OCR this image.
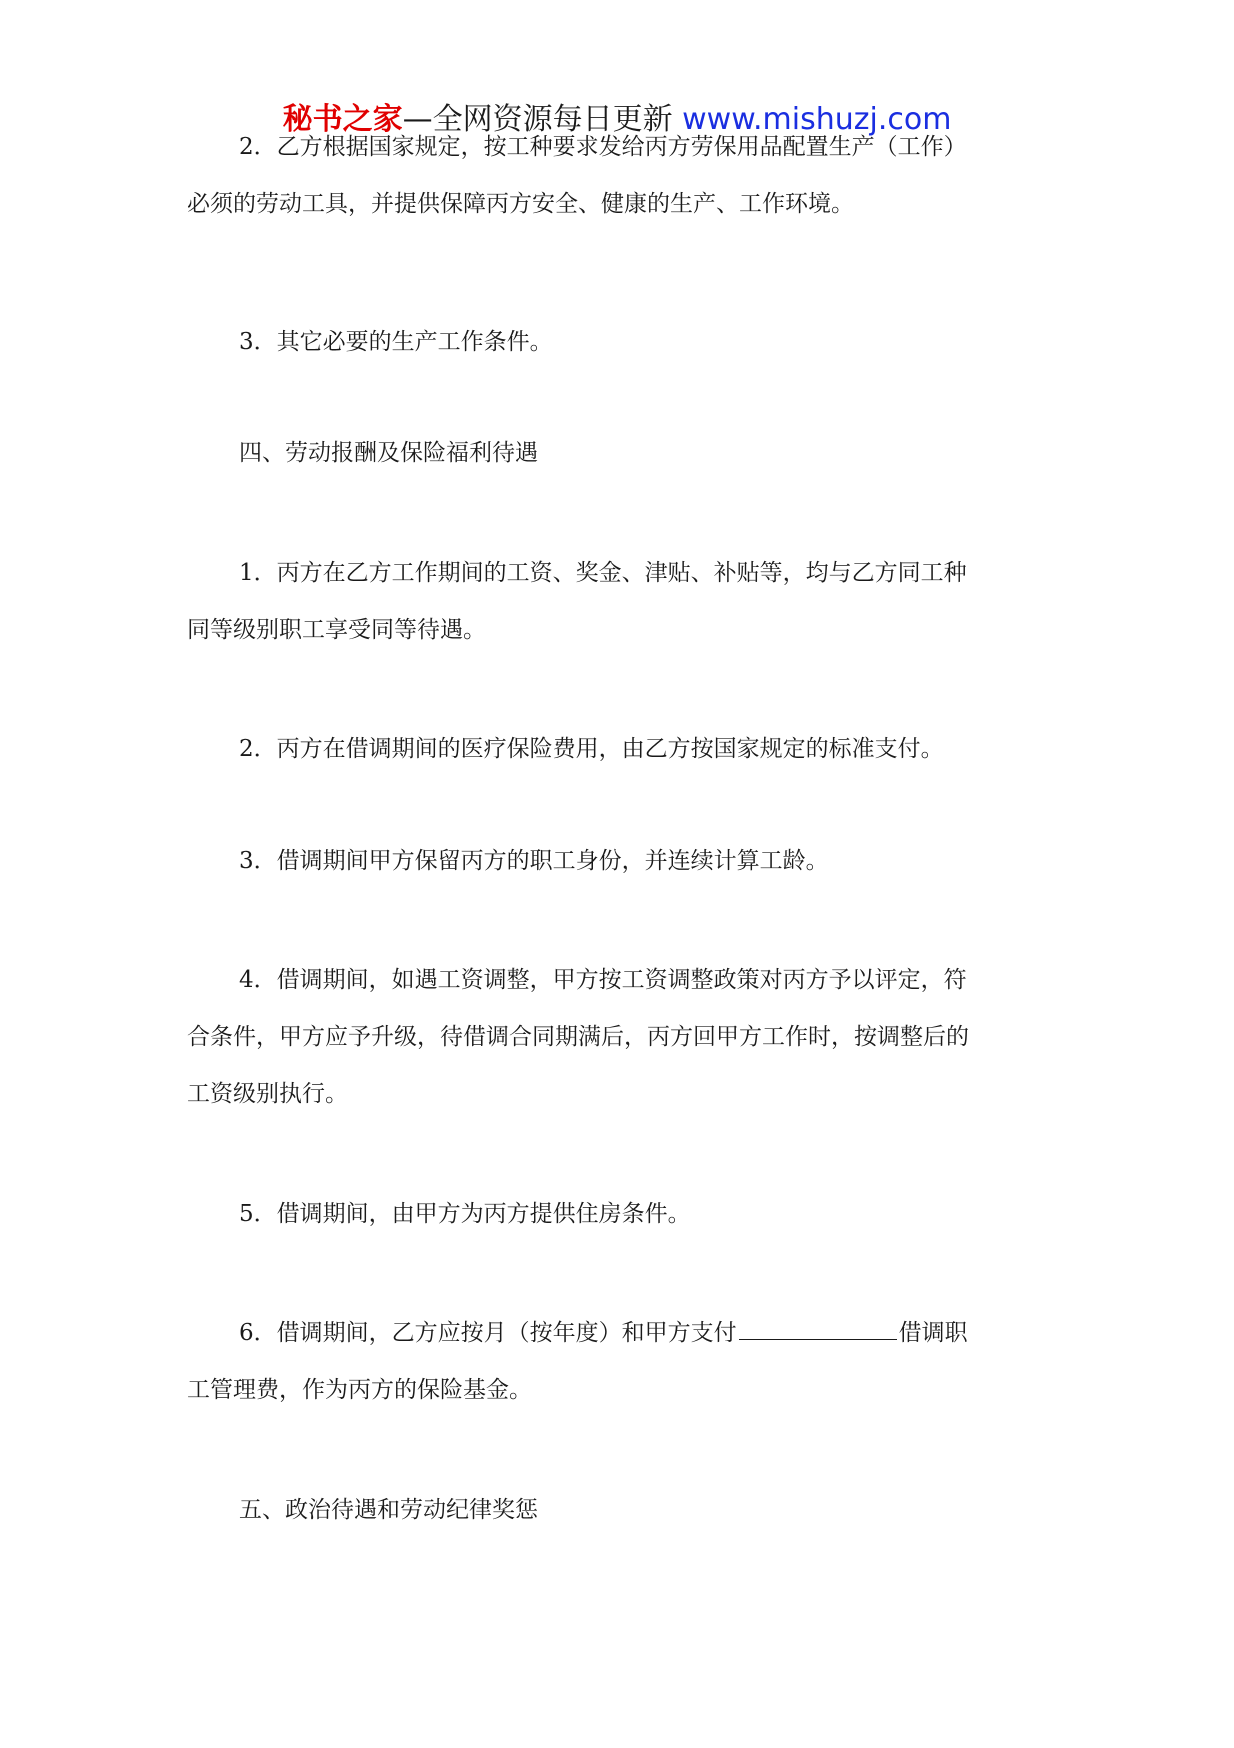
秘书之家—全网资源每日更新 www.mishuzj.com
2．乙方根据国家规定，按工种要求发给丙方劳保用品配置生产（工作）
必须的劳动工具，并提供保障丙方安全、健康的生产、工作环境。
3．其它必要的生产工作条件。
四、劳动报酬及保险福利待遇
1．丙方在乙方工作期间的工资、奖金、津贴、补贴等，均与乙方同工种
同等级别职工享受同等待遇。
2．丙方在借调期间的医疗保险费用，由乙方按国家规定的标准支付。
3．借调期间甲方保留丙方的职工身份，并连续计算工龄。
4．借调期间，如遇工资调整，甲方按工资调整政策对丙方予以评定，符
合条件，甲方应予升级，待借调合同期满后，丙方回甲方工作时，按调整后的
工资级别执行。
5．借调期间，由甲方为丙方提供住房条件。
6．借调期间，乙方应按月（按年度）和甲方支付	借调职
工管理费，作为丙方的保险基金。
五、政治待遇和劳动纪律奖惩
